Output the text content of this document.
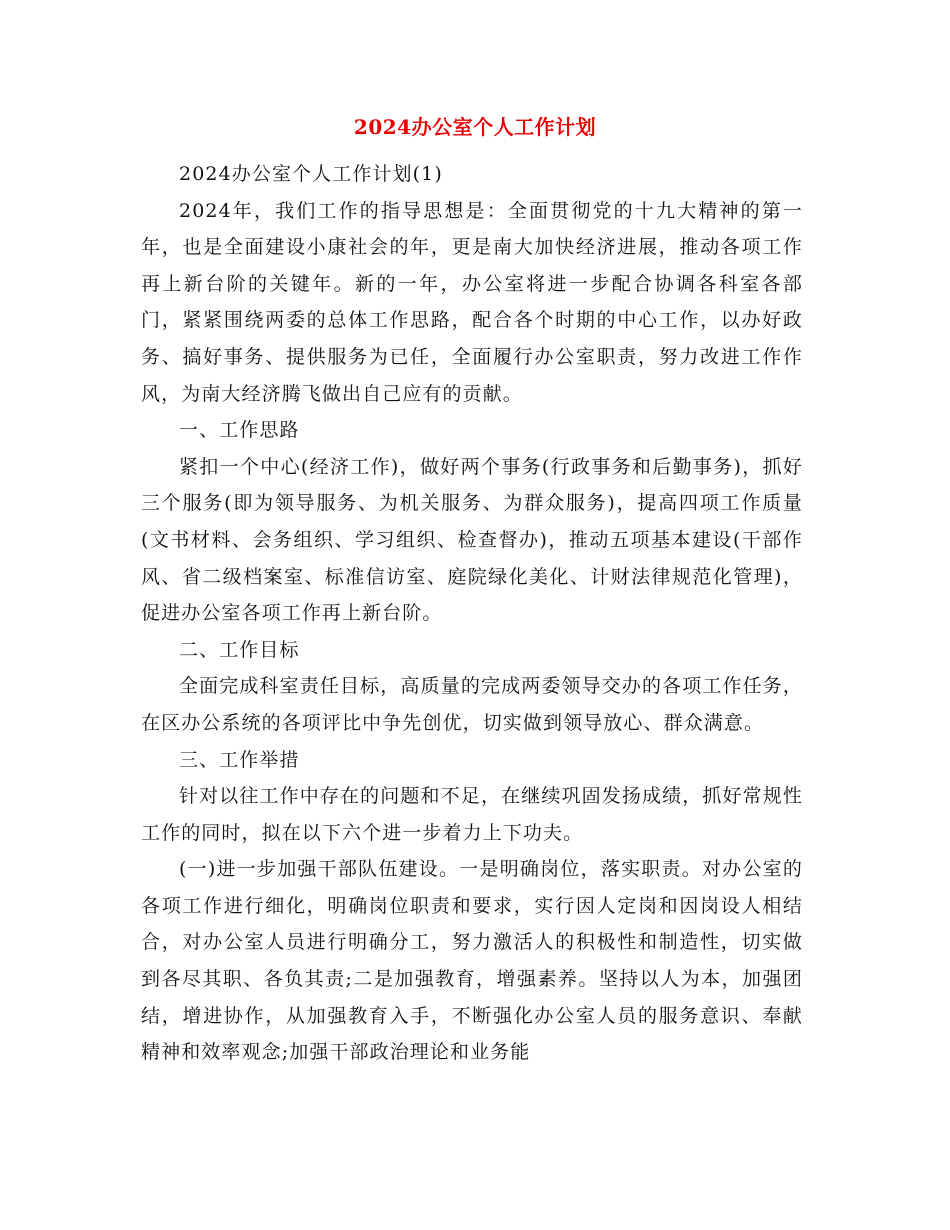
2024办公室个人工作计划

2024办公室个人工作计划(1)

2024年，我们工作的指导思想是：全面贯彻党的十九大精神的第一年，也是全面建设小康社会的年，更是南大加快经济进展，推动各项工作再上新台阶的关键年。新的一年，办公室将进一步配合协调各科室各部门，紧紧围绕两委的总体工作思路，配合各个时期的中心工作，以办好政务、搞好事务、提供服务为已任，全面履行办公室职责，努力改进工作作风，为南大经济腾飞做出自己应有的贡献。

一、工作思路

紧扣一个中心(经济工作)，做好两个事务(行政事务和后勤事务)，抓好三个服务(即为领导服务、为机关服务、为群众服务)，提高四项工作质量 (文书材料、会务组织、学习组织、检查督办)，推动五项基本建设(干部作风、省二级档案室、标准信访室、庭院绿化美化、计财法律规范化管理)，促进办公室各项工作再上新台阶。

二、工作目标

全面完成科室责任目标，高质量的完成两委领导交办的各项工作任务，在区办公系统的各项评比中争先创优，切实做到领导放心、群众满意。

三、工作举措

针对以往工作中存在的问题和不足，在继续巩固发扬成绩，抓好常规性工作的同时，拟在以下六个进一步着力上下功夫。

(一)进一步加强干部队伍建设。一是明确岗位，落实职责。对办公室的各项工作进行细化，明确岗位职责和要求，实行因人定岗和因岗设人相结合，对办公室人员进行明确分工，努力激活人的积极性和制造性，切实做到各尽其职、各负其责;二是加强教育，增强素养。坚持以人为本，加强团结，增进协作，从加强教育入手，不断强化办公室人员的服务意识、奉献精神和效率观念;加强干部政治理论和业务能
